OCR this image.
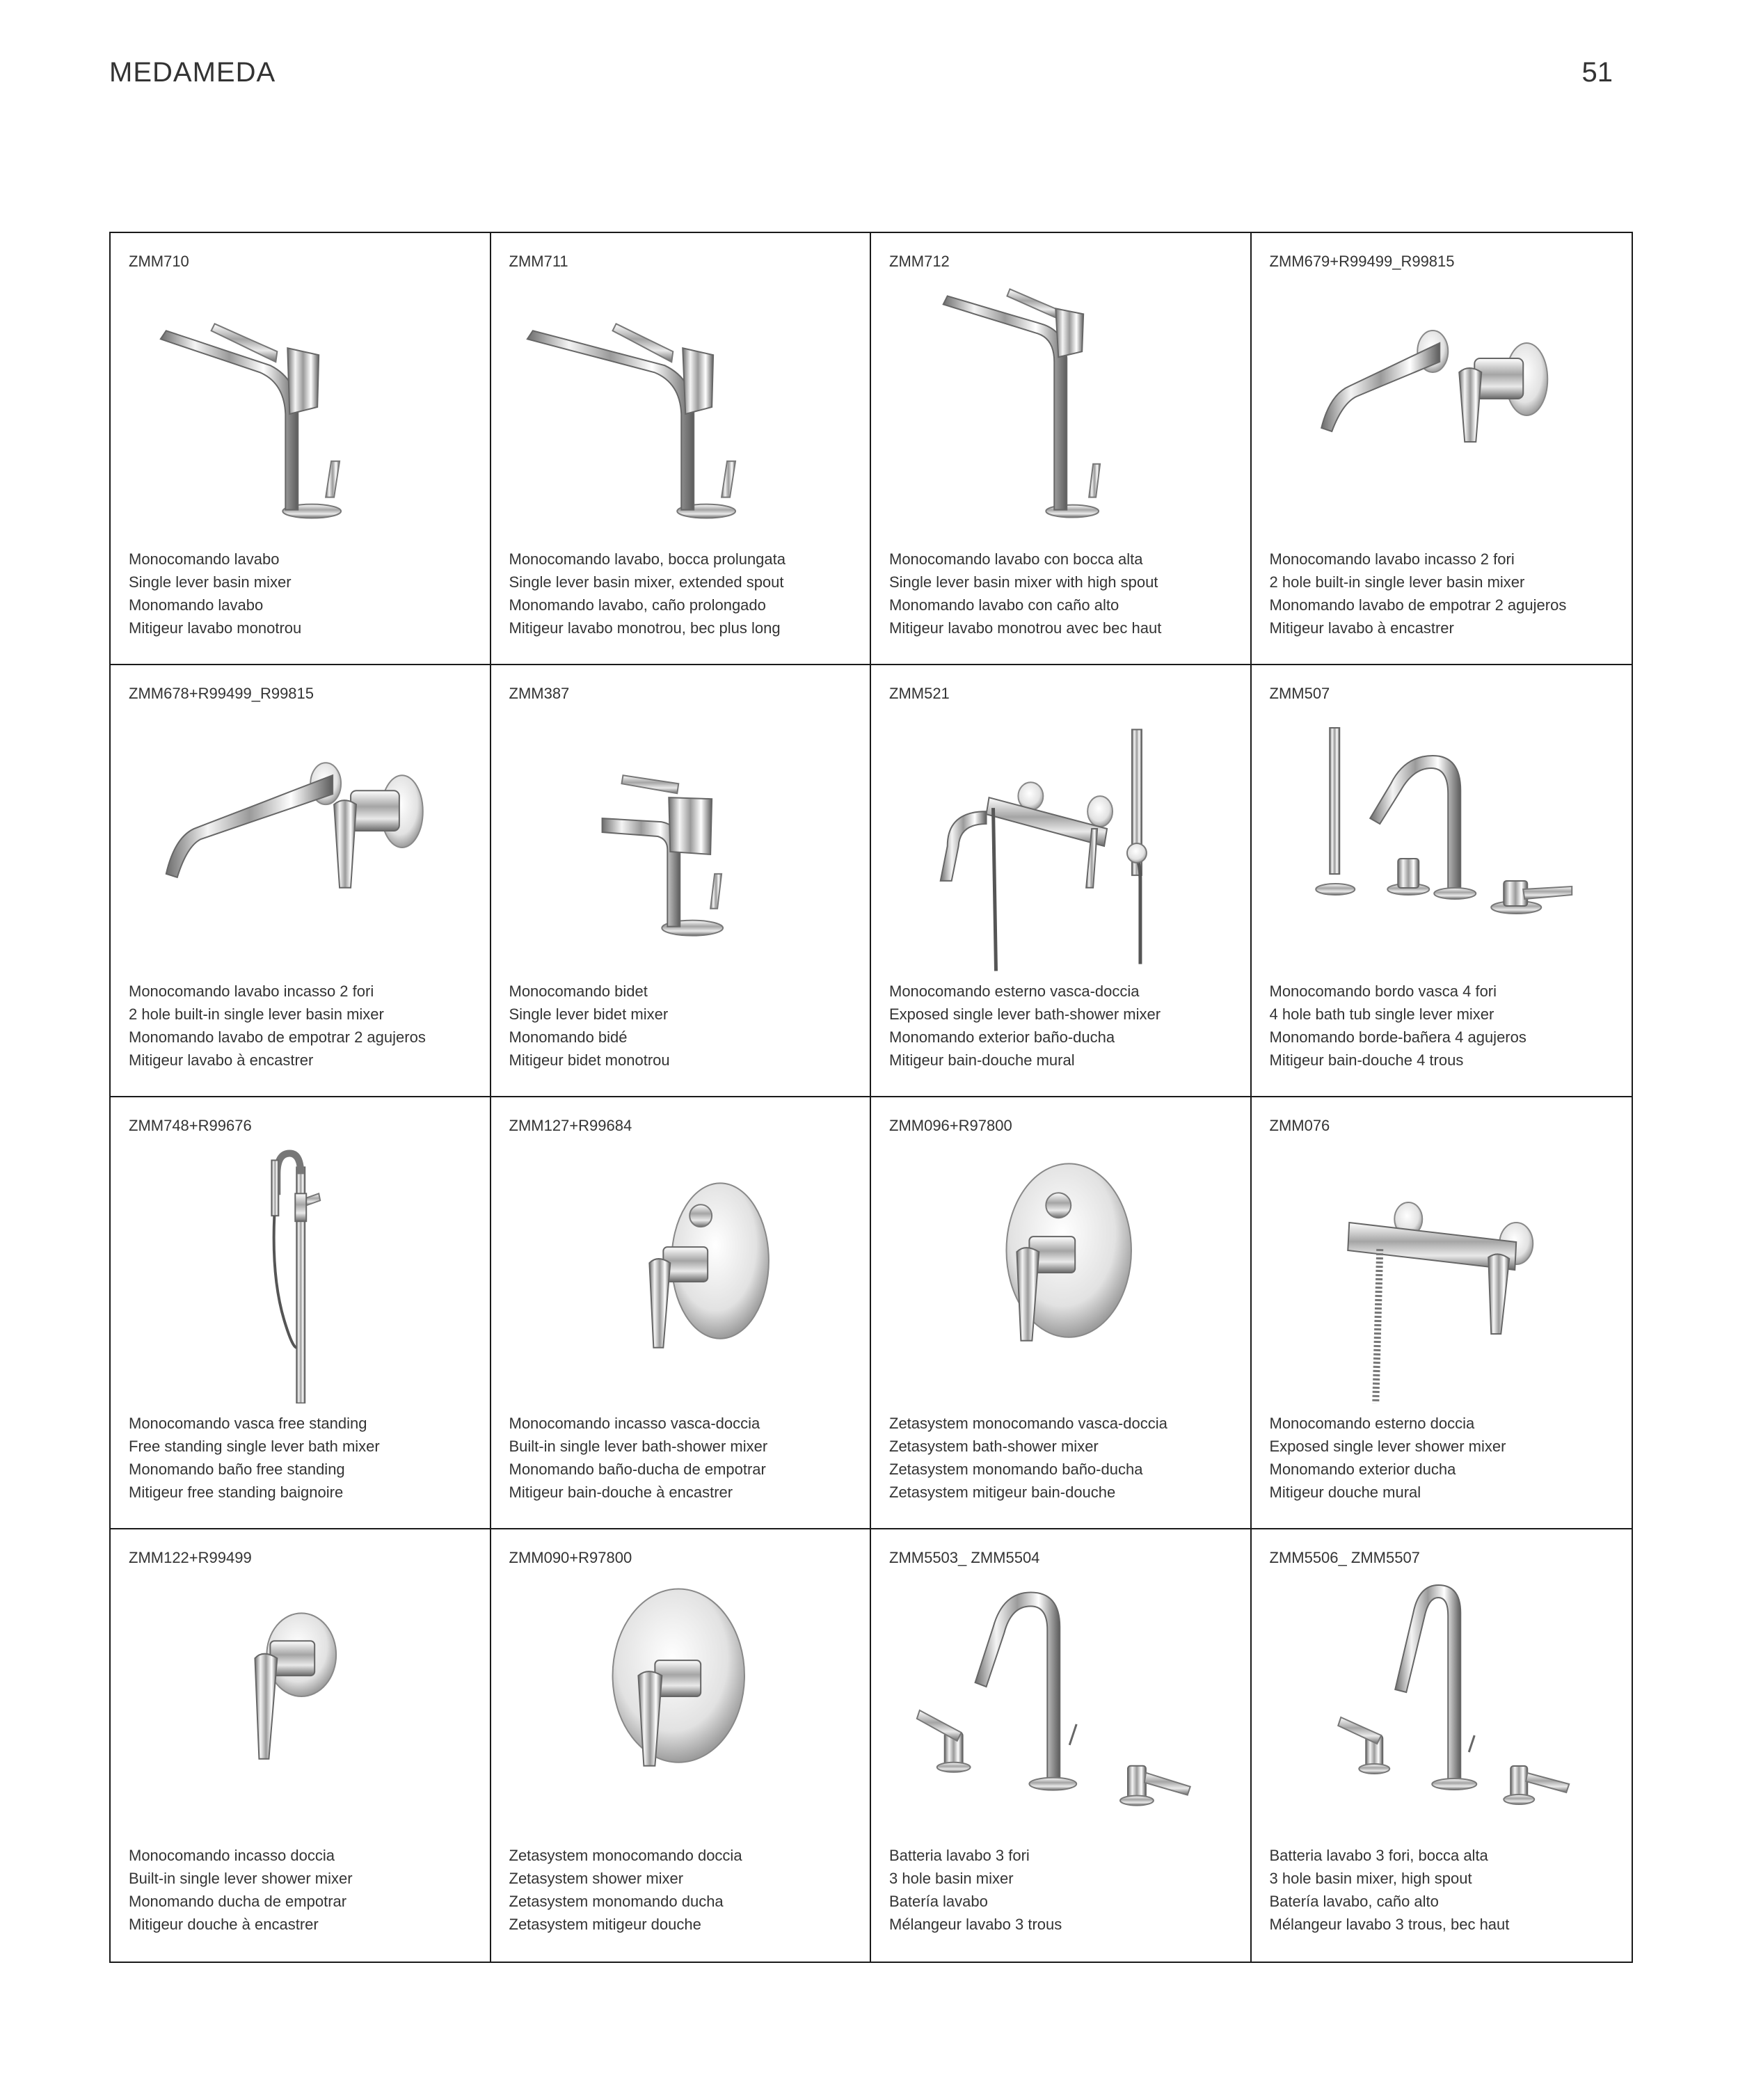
MEDAMEDA	51
ZMM710
Monocomando lavabo
Single lever basin mixer
Monomando lavabo
Mitigeur lavabo monotrou
ZMM711
Monocomando lavabo, bocca prolungata
Single lever basin mixer, extended spout
Monomando lavabo, caño prolongado
Mitigeur lavabo monotrou, bec plus long
ZMM712
Monocomando lavabo con bocca alta
Single lever basin mixer with high spout
Monomando lavabo con caño alto
Mitigeur lavabo monotrou avec bec haut
ZMM679+R99499_R99815
Monocomando lavabo incasso 2 fori
2 hole built-in single lever basin mixer
Monomando lavabo de empotrar 2 agujeros
Mitigeur lavabo à encastrer
ZMM678+R99499_R99815
Monocomando lavabo incasso 2 fori
2 hole built-in single lever basin mixer
Monomando lavabo de empotrar 2 agujeros
Mitigeur lavabo à encastrer
ZMM387
Monocomando bidet
Single lever bidet mixer
Monomando bidé
Mitigeur bidet monotrou
ZMM521
Monocomando esterno vasca-doccia
Exposed single lever bath-shower mixer
Monomando exterior baño-ducha
Mitigeur bain-douche mural
ZMM507
Monocomando bordo vasca 4 fori
4 hole bath tub single lever mixer
Monomando borde-bañera 4 agujeros
Mitigeur bain-douche 4 trous
ZMM748+R99676
Monocomando vasca free standing
Free standing single lever bath mixer
Monomando baño free standing
Mitigeur free standing baignoire
ZMM127+R99684
Monocomando incasso vasca-doccia
Built-in single lever bath-shower mixer
Monomando baño-ducha de empotrar
Mitigeur bain-douche à encastrer
ZMM096+R97800
Zetasystem monocomando vasca-doccia
Zetasystem bath-shower mixer
Zetasystem monomando baño-ducha
Zetasystem mitigeur bain-douche
ZMM076
Monocomando esterno doccia
Exposed single lever shower mixer
Monomando exterior ducha
Mitigeur douche mural
ZMM122+R99499
Monocomando incasso doccia
Built-in single lever shower mixer
Monomando ducha de empotrar
Mitigeur douche à encastrer
ZMM090+R97800
Zetasystem monocomando doccia
Zetasystem shower mixer
Zetasystem monomando ducha
Zetasystem mitigeur douche
ZMM5503_ ZMM5504
Batteria lavabo 3 fori
3 hole basin mixer
Batería lavabo
Mélangeur lavabo 3 trous
ZMM5506_ ZMM5507
Batteria lavabo 3 fori, bocca alta
3 hole basin mixer, high spout
Batería lavabo, caño alto
Mélangeur lavabo 3 trous, bec haut
